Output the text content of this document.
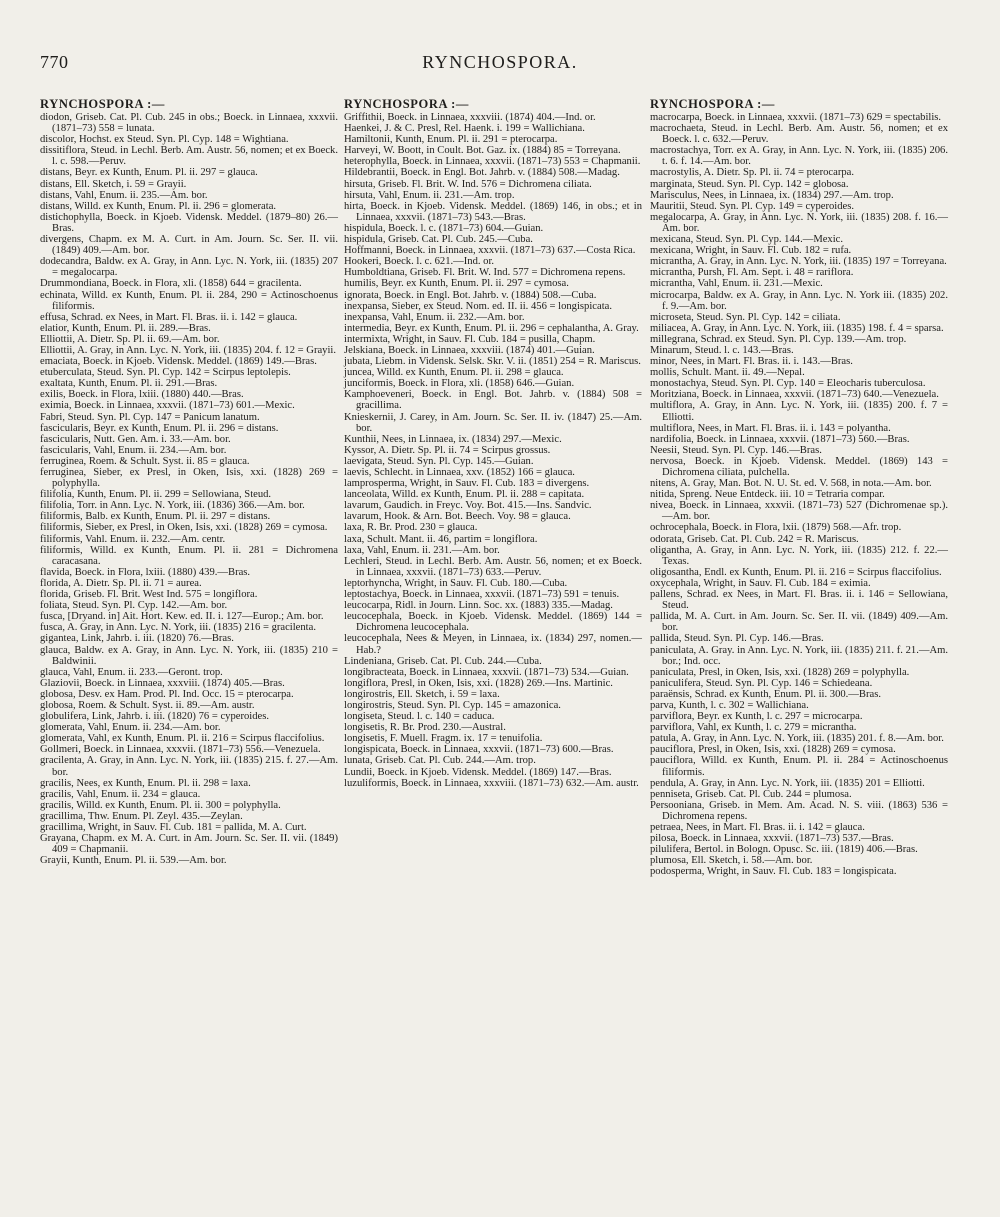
770	RYNCHOSPORA.
RYNCHOSPORA :—

diodon, Griseb. Cat. Pl. Cub. 245 in obs.; Boeck. in Linnaea, xxxvii. (1871–73) 558 = lunata.

discolor, Hochst. ex Steud. Syn. Pl. Cyp. 148 = Wightiana.

dissitiflora, Steud. in Lechl. Berb. Am. Austr. 56, nomen; et ex Boeck. l. c. 598.—Peruv.

distans, Beyr. ex Kunth, Enum. Pl. ii. 297 = glauca.

distans, Ell. Sketch, i. 59 = Grayii.

distans, Vahl, Enum. ii. 235.—Am. bor.

distans, Willd. ex Kunth, Enum. Pl. ii. 296 = glomerata.

distichophylla, Boeck. in Kjoeb. Vidensk. Meddel. (1879–80) 26.—Bras.

divergens, Chapm. ex M. A. Curt. in Am. Journ. Sc. Ser. II. vii. (1849) 409.—Am. bor.

dodecandra, Baldw. ex A. Gray, in Ann. Lyc. N. York, iii. (1835) 207 = megalocarpa.

Drummondiana, Boeck. in Flora, xli. (1858) 644 = gracilenta.

echinata, Willd. ex Kunth, Enum. Pl. ii. 284, 290 = Actinoschoenus filiformis.

effusa, Schrad. ex Nees, in Mart. Fl. Bras. ii. i. 142 = glauca.

elatior, Kunth, Enum. Pl. ii. 289.—Bras.

Elliottii, A. Dietr. Sp. Pl. ii. 69.—Am. bor.

Elliottii, A. Gray, in Ann. Lyc. N. York, iii. (1835) 204. f. 12 = Grayii.

emaciata, Boeck. in Kjoeb. Vidensk. Meddel. (1869) 149.—Bras.

etuberculata, Steud. Syn. Pl. Cyp. 142 = Scirpus leptolepis.

exaltata, Kunth, Enum. Pl. ii. 291.—Bras.

exilis, Boeck. in Flora, lxiii. (1880) 440.—Bras.

eximia, Boeck. in Linnaea, xxxvii. (1871–73) 601.—Mexic.

Fabri, Steud. Syn. Pl. Cyp. 147 = Panicum lanatum.

fascicularis, Beyr. ex Kunth, Enum. Pl. ii. 296 = distans.

fascicularis, Nutt. Gen. Am. i. 33.—Am. bor.

fascicularis, Vahl, Enum. ii. 234.—Am. bor.

ferruginea, Roem. & Schult. Syst. ii. 85 = glauca.

ferruginea, Sieber, ex Presl, in Oken, Isis, xxi. (1828) 269 = polyphylla.

filifolia, Kunth, Enum. Pl. ii. 299 = Sellowiana, Steud.

filifolia, Torr. in Ann. Lyc. N. York, iii. (1836) 366.—Am. bor.

filiformis, Balb. ex Kunth, Enum. Pl. ii. 297 = distans.

filiformis, Sieber, ex Presl, in Oken, Isis, xxi. (1828) 269 = cymosa.

filiformis, Vahl. Enum. ii. 232.—Am. centr.

filiformis, Willd. ex Kunth, Enum. Pl. ii. 281 = Dichromena caracasana.

flavida, Boeck. in Flora, lxiii. (1880) 439.—Bras.

florida, A. Dietr. Sp. Pl. ii. 71 = aurea.

florida, Griseb. Fl. Brit. West Ind. 575 = longiflora.

foliata, Steud. Syn. Pl. Cyp. 142.—Am. bor.

fusca, [Dryand. in] Ait. Hort. Kew. ed. II. i. 127—Europ.; Am. bor.

fusca, A. Gray, in Ann. Lyc. N. York, iii. (1835) 216 = gracilenta.

gigantea, Link, Jahrb. i. iii. (1820) 76.—Bras.

glauca, Baldw. ex A. Gray, in Ann. Lyc. N. York, iii. (1835) 210 = Baldwinii.

glauca, Vahl, Enum. ii. 233.—Geront. trop.

Glaziovii, Boeck. in Linnaea, xxxviii. (1874) 405.—Bras.

globosa, Desv. ex Ham. Prod. Pl. Ind. Occ. 15 = pterocarpa.

globosa, Roem. & Schult. Syst. ii. 89.—Am. austr.

globulifera, Link, Jahrb. i. iii. (1820) 76 = cyperoides.

glomerata, Vahl, Enum. ii. 234.—Am. bor.

glomerata, Vahl, ex Kunth, Enum. Pl. ii. 216 = Scirpus flaccifolius.

Gollmeri, Boeck. in Linnaea, xxxvii. (1871–73) 556.—Venezuela.

gracilenta, A. Gray, in Ann. Lyc. N. York, iii. (1835) 215. f. 27.—Am. bor.

gracilis, Nees, ex Kunth, Enum. Pl. ii. 298 = laxa.

gracilis, Vahl, Enum. ii. 234 = glauca.

gracilis, Willd. ex Kunth, Enum. Pl. ii. 300 = polyphylla.

gracillima, Thw. Enum. Pl. Zeyl. 435.—Zeylan.

gracillima, Wright, in Sauv. Fl. Cub. 181 = pallida, M. A. Curt.

Grayana, Chapm. ex M. A. Curt. in Am. Journ. Sc. Ser. II. vii. (1849) 409 = Chapmanii.

Grayii, Kunth, Enum. Pl. ii. 539.—Am. bor.

RYNCHOSPORA :—

Griffithii, Boeck. in Linnaea, xxxviii. (1874) 404.—Ind. or.

Haenkei, J. & C. Presl, Rel. Haenk. i. 199 = Wallichiana.

Hamiltonii, Kunth, Enum. Pl. ii. 291 = pterocarpa.

Harveyi, W. Boott, in Coult. Bot. Gaz. ix. (1884) 85 = Torreyana.

heterophylla, Boeck. in Linnaea, xxxvii. (1871–73) 553 = Chapmanii.

Hildebrantii, Boeck. in Engl. Bot. Jahrb. v. (1884) 508.—Madag.

hirsuta, Griseb. Fl. Brit. W. Ind. 576 = Dichromena ciliata.

hirsuta, Vahl, Enum. ii. 231.—Am. trop.

hirta, Boeck. in Kjoeb. Vidensk. Meddel. (1869) 146, in obs.; et in Linnaea, xxxvii. (1871–73) 543.—Bras.

hispidula, Boeck. l. c. (1871–73) 604.—Guian.

hispidula, Griseb. Cat. Pl. Cub. 245.—Cuba.

Hoffmanni, Boeck. in Linnaea, xxxvii. (1871–73) 637.—Costa Rica.

Hookeri, Boeck. l. c. 621.—Ind. or.

Humboldtiana, Griseb. Fl. Brit. W. Ind. 577 = Dichromena repens.

humilis, Beyr. ex Kunth, Enum. Pl. ii. 297 = cymosa.

ignorata, Boeck. in Engl. Bot. Jahrb. v. (1884) 508.—Cuba.

inexpansa, Sieber, ex Steud. Nom. ed. II. ii. 456 = longispicata.

inexpansa, Vahl, Enum. ii. 232.—Am. bor.

intermedia, Beyr. ex Kunth, Enum. Pl. ii. 296 = cephalantha, A. Gray.

intermixta, Wright, in Sauv. Fl. Cub. 184 = pusilla, Chapm.

Jelskiana, Boeck. in Linnaea, xxxviii. (1874) 401.—Guian.

jubata, Liebm. in Vidensk. Selsk. Skr. V. ii. (1851) 254 = R. Mariscus.

juncea, Willd. ex Kunth, Enum. Pl. ii. 298 = glauca.

junciformis, Boeck. in Flora, xli. (1858) 646.—Guian.

Kamphoeveneri, Boeck. in Engl. Bot. Jahrb. v. (1884) 508 = gracillima.

Knieskernii, J. Carey, in Am. Journ. Sc. Ser. II. iv. (1847) 25.—Am. bor.

Kunthii, Nees, in Linnaea, ix. (1834) 297.—Mexic.

Kyssor, A. Dietr. Sp. Pl. ii. 74 = Scirpus grossus.

laevigata, Steud. Syn. Pl. Cyp. 145.—Guian.

laevis, Schlecht. in Linnaea, xxv. (1852) 166 = glauca.

lamprosperma, Wright, in Sauv. Fl. Cub. 183 = divergens.

lanceolata, Willd. ex Kunth, Enum. Pl. ii. 288 = capitata.

lavarum, Gaudich. in Freyc. Voy. Bot. 415.—Ins. Sandvic.

lavarum, Hook. & Arn. Bot. Beech. Voy. 98 = glauca.

laxa, R. Br. Prod. 230 = glauca.

laxa, Schult. Mant. ii. 46, partim = longiflora.

laxa, Vahl, Enum. ii. 231.—Am. bor.

Lechleri, Steud. in Lechl. Berb. Am. Austr. 56, nomen; et ex Boeck. in Linnaea, xxxvii. (1871–73) 633.—Peruv.

leptorhyncha, Wright, in Sauv. Fl. Cub. 180.—Cuba.

leptostachya, Boeck. in Linnaea, xxxvii. (1871–73) 591 = tenuis.

leucocarpa, Ridl. in Journ. Linn. Soc. xx. (1883) 335.—Madag.

leucocephala, Boeck. in Kjoeb. Vidensk. Meddel. (1869) 144 = Dichromena leucocephala.

leucocephala, Nees & Meyen, in Linnaea, ix. (1834) 297, nomen.—Hab.?

Lindeniana, Griseb. Cat. Pl. Cub. 244.—Cuba.

longibracteata, Boeck. in Linnaea, xxxvii. (1871–73) 534.—Guian.

longiflora, Presl, in Oken, Isis, xxi. (1828) 269.—Ins. Martinic.

longirostris, Ell. Sketch, i. 59 = laxa.

longirostris, Steud. Syn. Pl. Cyp. 145 = amazonica.

longiseta, Steud. l. c. 140 = caduca.

longisetis, R. Br. Prod. 230.—Austral.

longisetis, F. Muell. Fragm. ix. 17 = tenuifolia.

longispicata, Boeck. in Linnaea, xxxvii. (1871–73) 600.—Bras.

lunata, Griseb. Cat. Pl. Cub. 244.—Am. trop.

Lundii, Boeck. in Kjoeb. Vidensk. Meddel. (1869) 147.—Bras.

luzuliformis, Boeck. in Linnaea, xxxviii. (1871–73) 632.—Am. austr.

RYNCHOSPORA :—

macrocarpa, Boeck. in Linnaea, xxxvii. (1871–73) 629 = spectabilis.

macrochaeta, Steud. in Lechl. Berb. Am. Austr. 56, nomen; et ex Boeck. l. c. 632.—Peruv.

macrostachya, Torr. ex A. Gray, in Ann. Lyc. N. York, iii. (1835) 206. t. 6. f. 14.—Am. bor.

macrostylis, A. Dietr. Sp. Pl. ii. 74 = pterocarpa.

marginata, Steud. Syn. Pl. Cyp. 142 = globosa.

Marisculus, Nees, in Linnaea, ix. (1834) 297.—Am. trop.

Mauritii, Steud. Syn. Pl. Cyp. 149 = cyperoides.

megalocarpa, A. Gray, in Ann. Lyc. N. York, iii. (1835) 208. f. 16.—Am. bor.

mexicana, Steud. Syn. Pl. Cyp. 144.—Mexic.

mexicana, Wright, in Sauv. Fl. Cub. 182 = rufa.

micrantha, A. Gray, in Ann. Lyc. N. York, iii. (1835) 197 = Torreyana.

micrantha, Pursh, Fl. Am. Sept. i. 48 = rariflora.

micrantha, Vahl, Enum. ii. 231.—Mexic.

microcarpa, Baldw. ex A. Gray, in Ann. Lyc. N. York iii. (1835) 202. f. 9.—Am. bor.

microseta, Steud. Syn. Pl. Cyp. 142 = ciliata.

miliacea, A. Gray, in Ann. Lyc. N. York, iii. (1835) 198. f. 4 = sparsa.

millegrana, Schrad. ex Steud. Syn. Pl. Cyp. 139.—Am. trop.

Minarum, Steud. l. c. 143.—Bras.

minor, Nees, in Mart. Fl. Bras. ii. i. 143.—Bras.

mollis, Schult. Mant. ii. 49.—Nepal.

monostachya, Steud. Syn. Pl. Cyp. 140 = Eleocharis tuberculosa.

Moritziana, Boeck. in Linnaea, xxxvii. (1871–73) 640.—Venezuela.

multiflora, A. Gray, in Ann. Lyc. N. York, iii. (1835) 200. f. 7 = Elliotti.

multiflora, Nees, in Mart. Fl. Bras. ii. i. 143 = polyantha.

nardifolia, Boeck. in Linnaea, xxxvii. (1871–73) 560.—Bras.

Neesii, Steud. Syn. Pl. Cyp. 146.—Bras.

nervosa, Boeck. in Kjoeb. Vidensk. Meddel. (1869) 143 = Dichromena ciliata, pulchella.

nitens, A. Gray, Man. Bot. N. U. St. ed. V. 568, in nota.—Am. bor.

nitida, Spreng. Neue Entdeck. iii. 10 = Tetraria compar.

nivea, Boeck. in Linnaea, xxxvii. (1871–73) 527 (Dichromenae sp.).—Am. bor.

ochrocephala, Boeck. in Flora, lxii. (1879) 568.—Afr. trop.

odorata, Griseb. Cat. Pl. Cub. 242 = R. Mariscus.

oligantha, A. Gray, in Ann. Lyc. N. York, iii. (1835) 212. f. 22.—Texas.

oligosantha, Endl. ex Kunth, Enum. Pl. ii. 216 = Scirpus flaccifolius.

oxycephala, Wright, in Sauv. Fl. Cub. 184 = eximia.

pallens, Schrad. ex Nees, in Mart. Fl. Bras. ii. i. 146 = Sellowiana, Steud.

pallida, M. A. Curt. in Am. Journ. Sc. Ser. II. vii. (1849) 409.—Am. bor.

pallida, Steud. Syn. Pl. Cyp. 146.—Bras.

paniculata, A. Gray. in Ann. Lyc. N. York, iii. (1835) 211. f. 21.—Am. bor.; Ind. occ.

paniculata, Presl, in Oken, Isis, xxi. (1828) 269 = polyphylla.

paniculifera, Steud. Syn. Pl. Cyp. 146 = Schiedeana.

paraënsis, Schrad. ex Kunth, Enum. Pl. ii. 300.—Bras.

parva, Kunth, l. c. 302 = Wallichiana.

parviflora, Beyr. ex Kunth, l. c. 297 = microcarpa.

parviflora, Vahl, ex Kunth, l. c. 279 = micrantha.

patula, A. Gray, in Ann. Lyc. N. York, iii. (1835) 201. f. 8.—Am. bor.

pauciflora, Presl, in Oken, Isis, xxi. (1828) 269 = cymosa.

pauciflora, Willd. ex Kunth, Enum. Pl. ii. 284 = Actinoschoenus filiformis.

pendula, A. Gray, in Ann. Lyc. N. York, iii. (1835) 201 = Elliotti.

penniseta, Griseb. Cat. Pl. Cub. 244 = plumosa.

Persooniana, Griseb. in Mem. Am. Acad. N. S. viii. (1863) 536 = Dichromena repens.

petraea, Nees, in Mart. Fl. Bras. ii. i. 142 = glauca.

pilosa, Boeck. in Linnaea, xxxvii. (1871–73) 537.—Bras.

pilulifera, Bertol. in Bologn. Opusc. Sc. iii. (1819) 406.—Bras.

plumosa, Ell. Sketch, i. 58.—Am. bor.

podosperma, Wright, in Sauv. Fl. Cub. 183 = longispicata.
